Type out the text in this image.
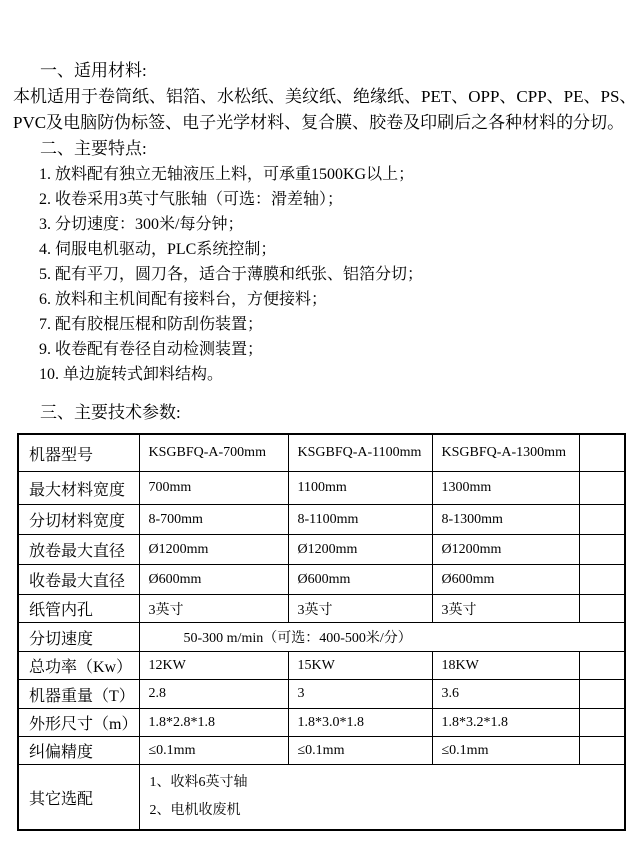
一、适用材料:
本机适用于卷筒纸、铝箔、水松纸、美纹纸、绝缘纸、PET、OPP、CPP、PE、PS、
PVC及电脑防伪标签、电子光学材料、复合膜、胶卷及印刷后之各种材料的分切。
二、主要特点:
1. 放料配有独立无轴液压上料，可承重1500KG以上；
2. 收卷采用3英寸气胀轴（可选：滑差轴）；
3. 分切速度：300米/每分钟；
4. 伺服电机驱动，PLC系统控制；
5. 配有平刀，圆刀各，适合于薄膜和纸张、铝箔分切；
6. 放料和主机间配有接料台，方便接料；
7. 配有胶棍压棍和防刮伤装置；
9. 收卷配有卷径自动检测装置；
10. 单边旋转式卸料结构。
三、主要技术参数:
机器型号	KSGBFQ-A-700mm	KSGBFQ-A-1100mm	KSGBFQ-A-1300mm	
最大材料宽度	700mm	1100mm	1300mm	
分切材料宽度	8-700mm	8-1100mm	8-1300mm	
放卷最大直径	Ø1200mm	Ø1200mm	Ø1200mm	
收卷最大直径	Ø600mm	Ø600mm	Ø600mm	
纸管内孔	3英寸	3英寸	3英寸	
分切速度	50-300 m/min（可选：400-500米/分）			
总功率（Kw）	12KW	15KW	18KW	
机器重量（T）	2.8	3	3.6	
外形尺寸（m）	1.8*2.8*1.8	1.8*3.0*1.8	1.8*3.2*1.8	
纠偏精度	≤0.1mm	≤0.1mm	≤0.1mm	
其它选配	1、收料6英寸轴
2、电机收废机			
